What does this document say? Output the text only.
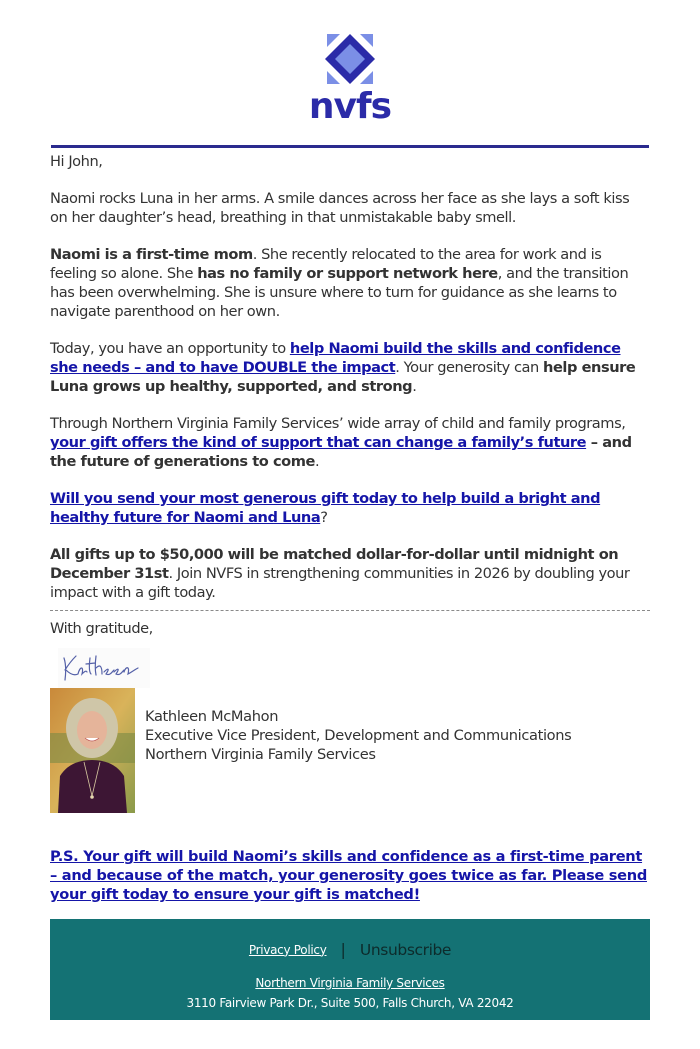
nvfs

Hi John,

Naomi rocks Luna in her arms. A smile dances across her face as she lays a soft kiss on her daughter’s head, breathing in that unmistakable baby smell.

Naomi is a first-time mom. She recently relocated to the area for work and is feeling so alone. She has no family or support network here, and the transition has been overwhelming. She is unsure where to turn for guidance as she learns to navigate parenthood on her own.

Today, you have an opportunity to help Naomi build the skills and confidence she needs – and to have DOUBLE the impact. Your generosity can help ensure Luna grows up healthy, supported, and strong.

Through Northern Virginia Family Services’ wide array of child and family programs, your gift offers the kind of support that can change a family’s future – and the future of generations to come.

Will you send your most generous gift today to help build a bright and healthy future for Naomi and Luna?

All gifts up to $50,000 will be matched dollar-for-dollar until midnight on December 31st. Join NVFS in strengthening communities in 2026 by doubling your impact with a gift today.

With gratitude,

Kathleen McMahon
Executive Vice President, Development and Communications
Northern Virginia Family Services
P.S. Your gift will build Naomi’s skills and confidence as a first-time parent – and because of the match, your generosity goes twice as far. Please send your gift today to ensure your gift is matched!
Privacy Policy | Unsubscribe
Northern Virginia Family Services
3110 Fairview Park Dr., Suite 500, Falls Church, VA 22042
